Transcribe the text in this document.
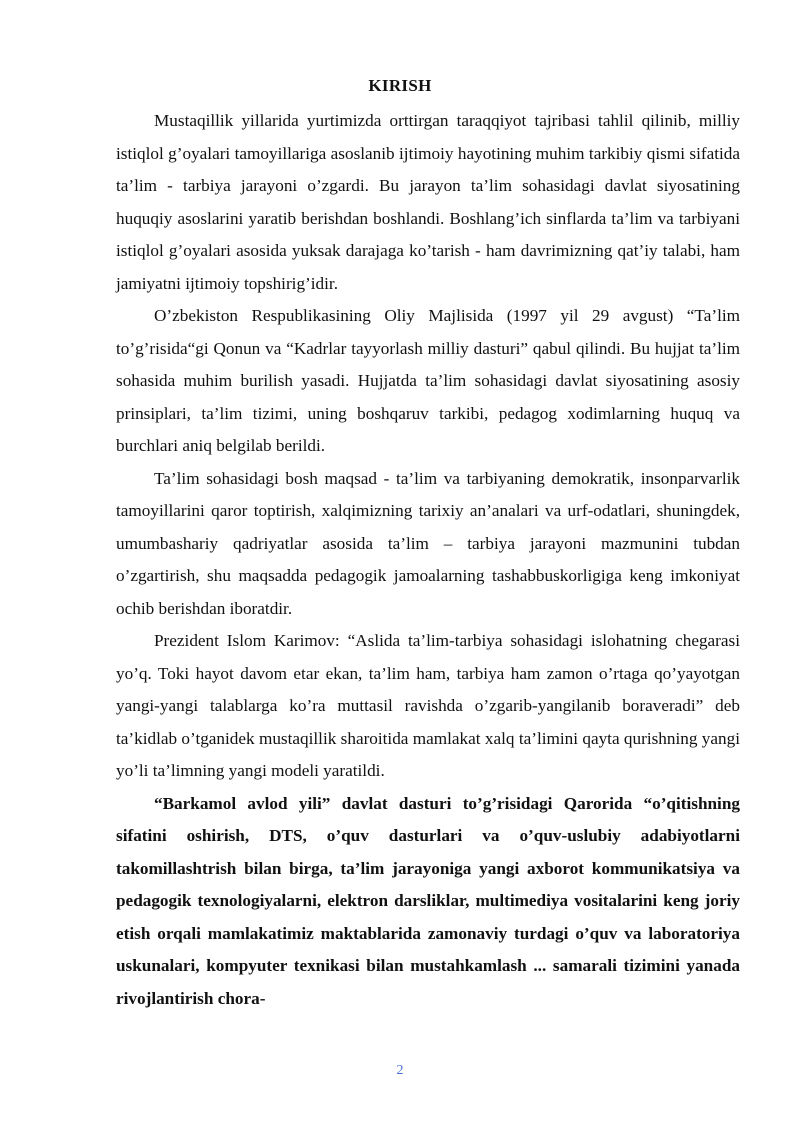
KIRISH

Mustaqillik yillarida yurtimizda orttirgan taraqqiyot tajribasi tahlil qilinib, milliy istiqlol g’oyalari tamoyillariga asoslanib ijtimoiy hayotining muhim tarkibiy qismi sifatida ta’lim - tarbiya jarayoni o’zgardi. Bu jarayon ta’lim sohasidagi davlat siyosatining huquqiy asoslarini yaratib berishdan boshlandi. Boshlang’ich sinflarda ta’lim va tarbiyani istiqlol g’oyalari asosida yuksak darajaga ko’tarish - ham davrimizning qat’iy talabi, ham jamiyatni ijtimoiy topshirig’idir.

O’zbekiston Respublikasining Oliy Majlisida (1997 yil 29 avgust) “Ta’lim to’g’risida“gi Qonun va “Kadrlar tayyorlash milliy dasturi” qabul qilindi. Bu hujjat ta’lim sohasida muhim burilish yasadi. Hujjatda ta’lim sohasidagi davlat siyosatining asosiy prinsiplari, ta’lim tizimi, uning boshqaruv tarkibi, pedagog xodimlarning huquq va burchlari aniq belgilab berildi.

Ta’lim sohasidagi bosh maqsad - ta’lim va tarbiyaning demokratik, insonparvarlik tamoyillarini qaror toptirish, xalqimizning tarixiy an’analari va urf-odatlari, shuningdek, umumbashariy qadriyatlar asosida ta’lim – tarbiya jarayoni mazmunini tubdan o’zgartirish, shu maqsadda pedagogik jamoalarning tashabbuskorligiga keng imkoniyat ochib berishdan iboratdir.

Prezident Islom Karimov: “Aslida ta’lim-tarbiya sohasidagi islohatning chegarasi yo’q. Toki hayot davom etar ekan, ta’lim ham, tarbiya ham zamon o’rtaga qo’yayotgan yangi-yangi talablarga ko’ra muttasil ravishda o’zgarib-yangilanib boraveradi” deb ta’kidlab o’tganidek mustaqillik sharoitida mamlakat xalq ta’limini qayta qurishning yangi yo’li ta’limning yangi modeli yaratildi.

“Barkamol avlod yili” davlat dasturi to’g’risidagi Qarorida “o’qitishning sifatini oshirish, DTS, o’quv dasturlari va o’quv-uslubiy adabiyotlarni takomillashtrish bilan birga, ta’lim jarayoniga yangi axborot kommunikatsiya va pedagogik texnologiyalarni, elektron darsliklar, multimediya vositalarini keng joriy etish orqali mamlakatimiz maktablarida zamonaviy turdagi o’quv va laboratoriya uskunalari, kompyuter texnikasi bilan mustahkamlash ... samarali tizimini yanada rivojlantirish chora-

2
